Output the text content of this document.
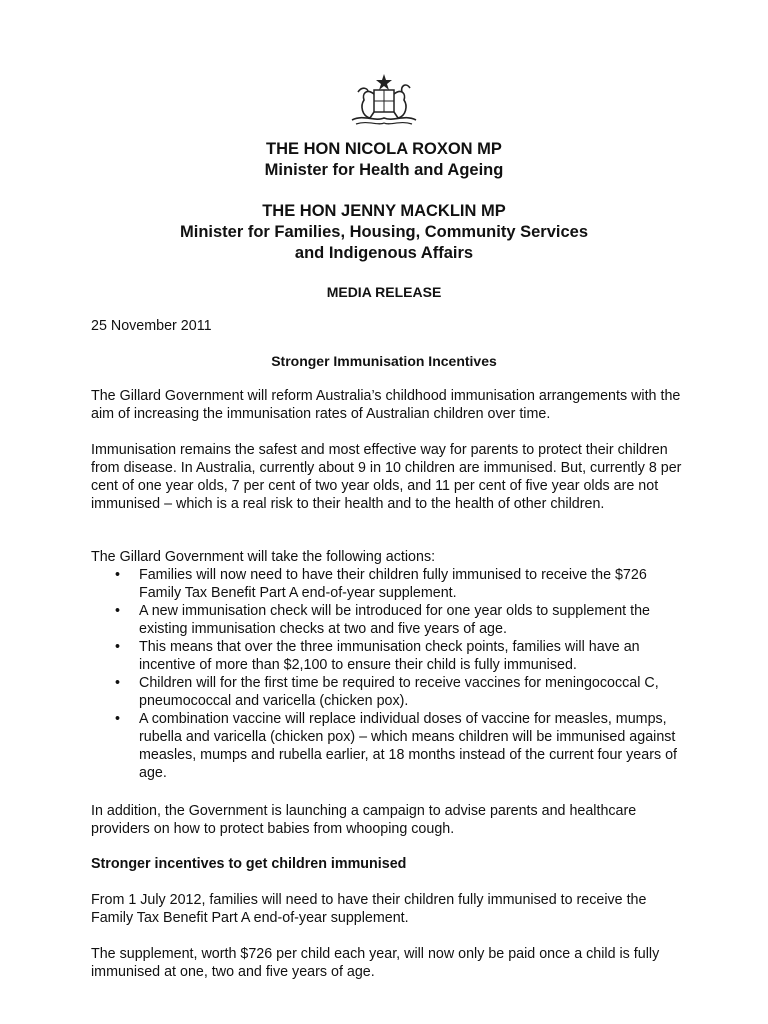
THE HON NICOLA ROXON MP
Minister for Health and Ageing
THE HON JENNY MACKLIN MP
Minister for Families, Housing, Community Services
and Indigenous Affairs
MEDIA RELEASE
25 November 2011
Stronger Immunisation Incentives

The Gillard Government will reform Australia’s childhood immunisation arrangements with the aim of increasing the immunisation rates of Australian children over time.

Immunisation remains the safest and most effective way for parents to protect their children from disease. In Australia, currently about 9 in 10 children are immunised. But, currently 8 per cent of one year olds, 7 per cent of two year olds, and 11 per cent of five year olds are not immunised – which is a real risk to their health and to the health of other children.

The Gillard Government will take the following actions:

• Families will now need to have their children fully immunised to receive the $726 Family Tax Benefit Part A end-of-year supplement.
• A new immunisation check will be introduced for one year olds to supplement the existing immunisation checks at two and five years of age.
• This means that over the three immunisation check points, families will have an incentive of more than $2,100 to ensure their child is fully immunised.
• Children will for the first time be required to receive vaccines for meningococcal C, pneumococcal and varicella (chicken pox).
• A combination vaccine will replace individual doses of vaccine for measles, mumps, rubella and varicella (chicken pox) – which means children will be immunised against measles, mumps and rubella earlier, at 18 months instead of the current four years of age.

In addition, the Government is launching a campaign to advise parents and healthcare providers on how to protect babies from whooping cough.

Stronger incentives to get children immunised

From 1 July 2012, families will need to have their children fully immunised to receive the Family Tax Benefit Part A end-of-year supplement.

The supplement, worth $726 per child each year, will now only be paid once a child is fully immunised at one, two and five years of age.
